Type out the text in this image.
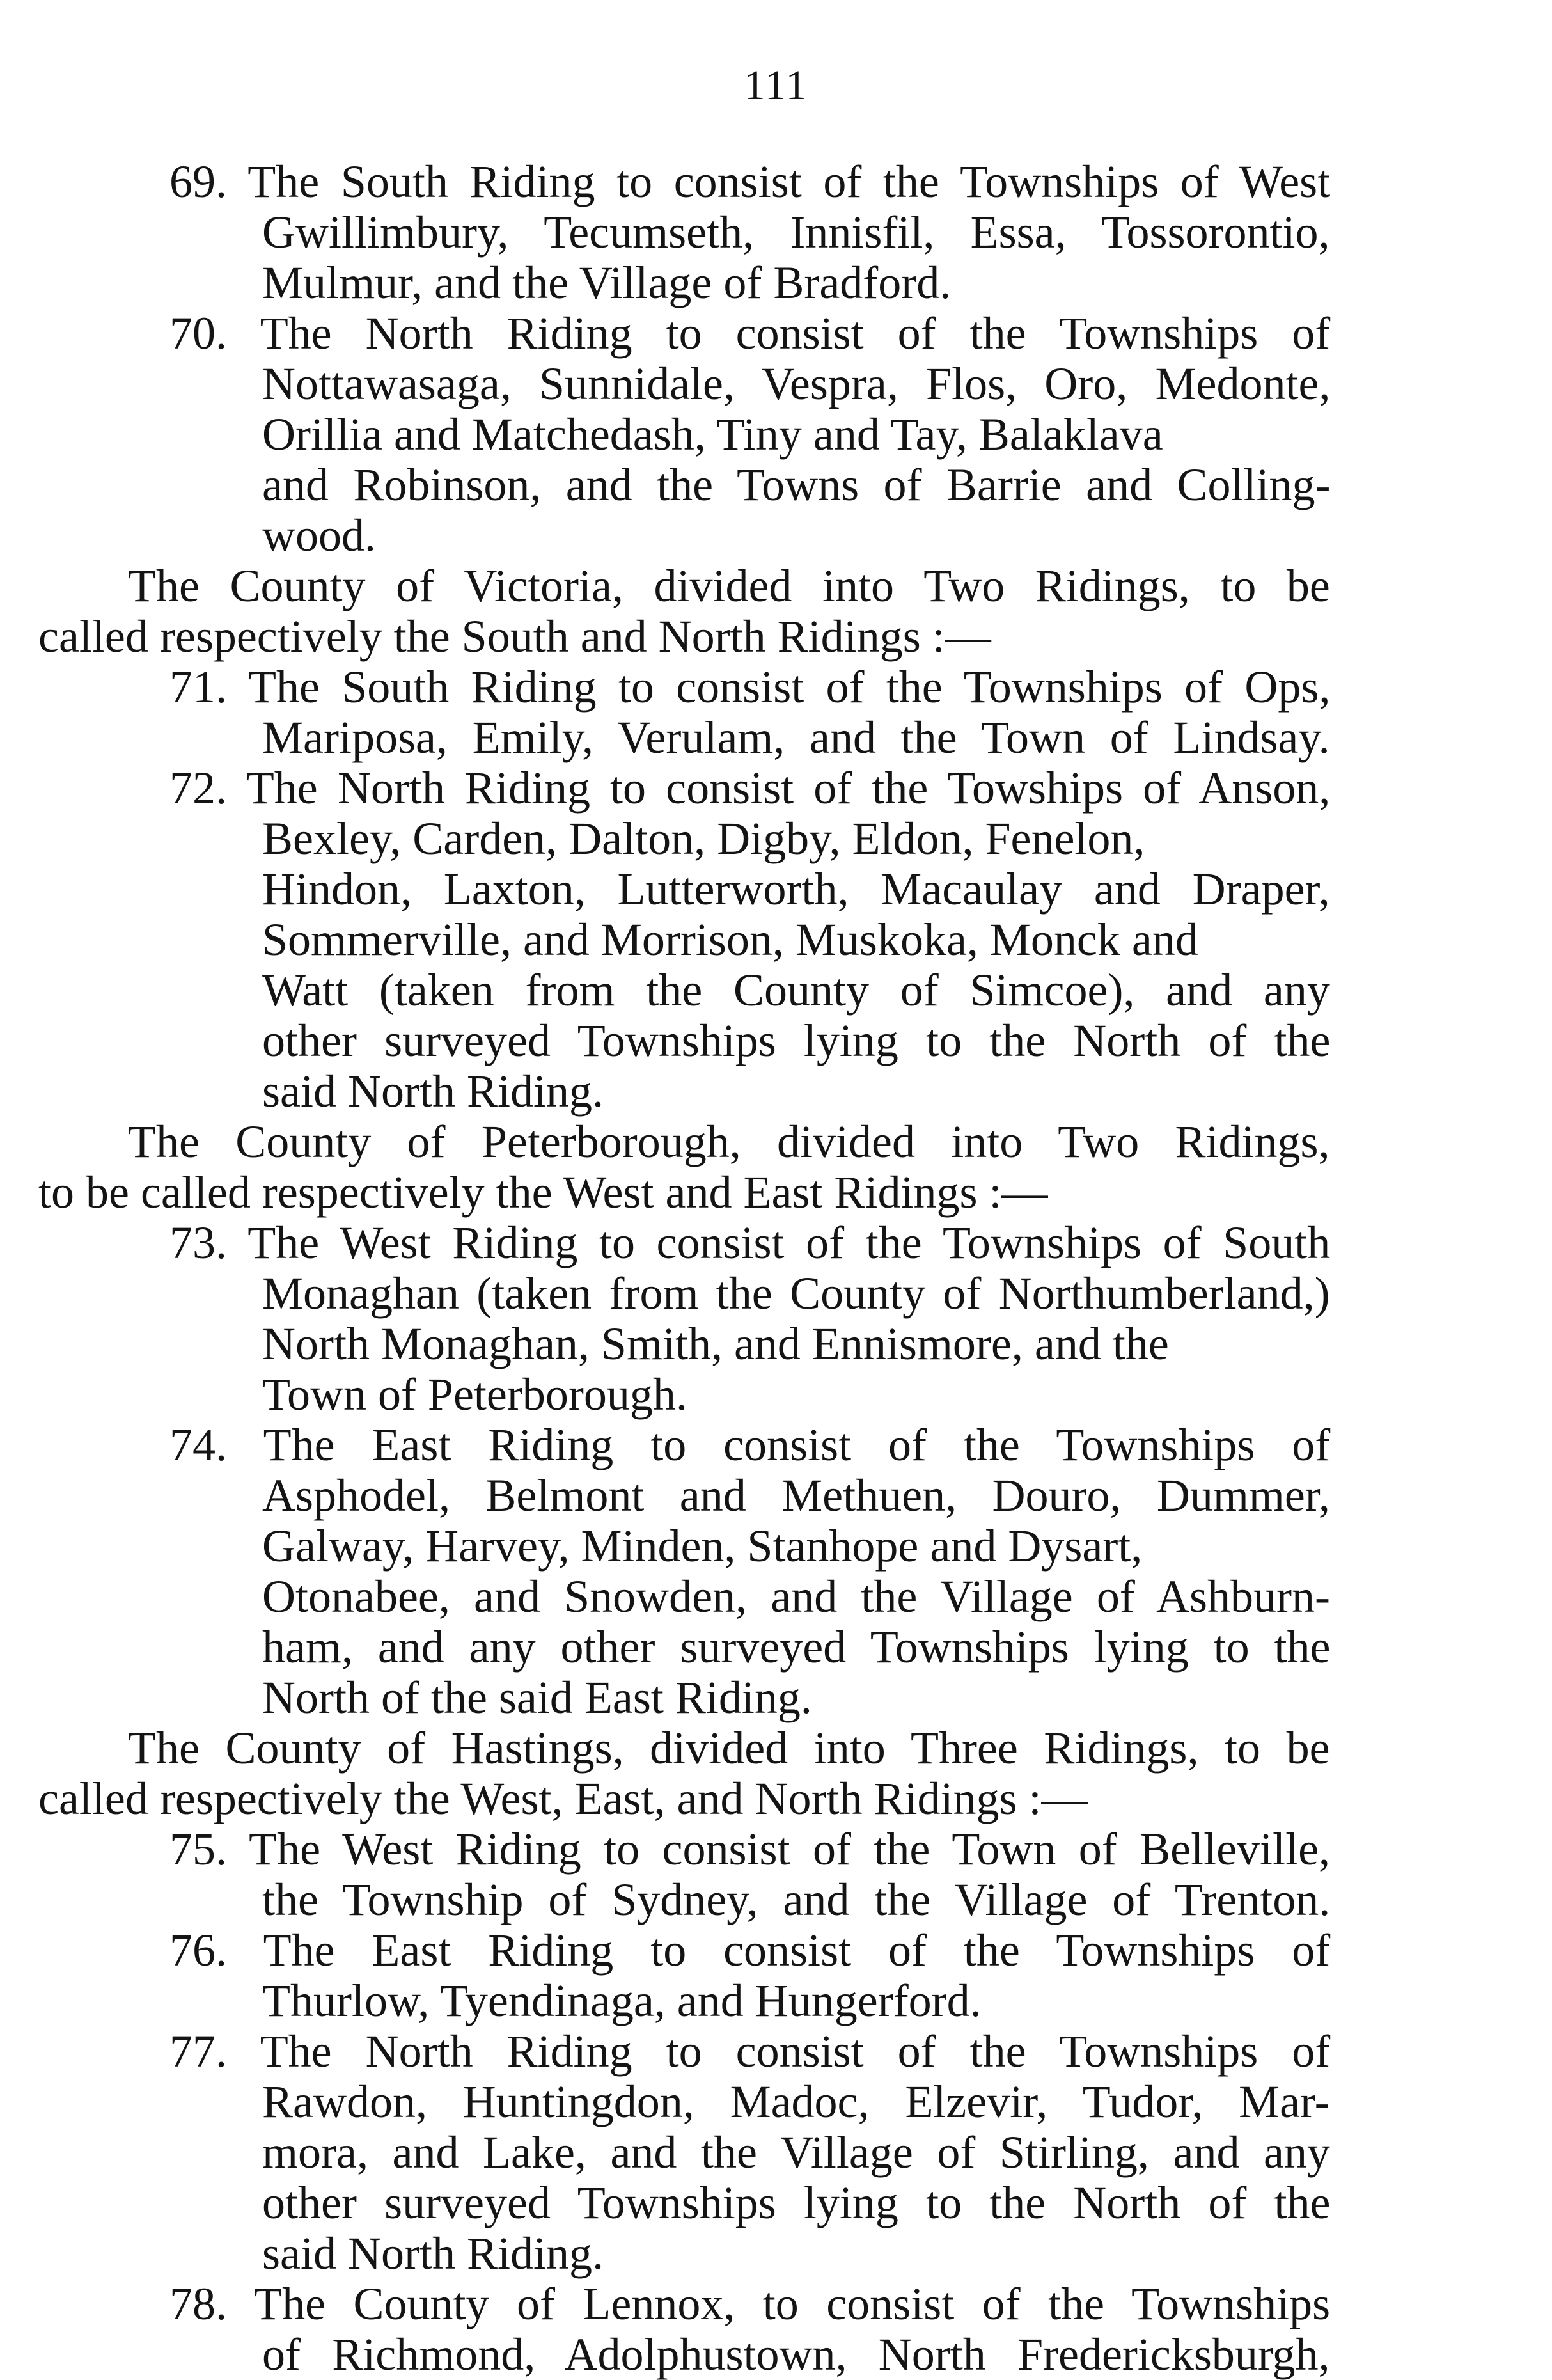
111
69. The South Riding to consist of the Townships of West
Gwillimbury, Tecumseth, Innisfil, Essa, Tossorontio,
Mulmur, and the Village of Bradford.
70. The North Riding to consist of the Townships of
Nottawasaga, Sunnidale, Vespra, Flos, Oro, Medonte,
Orillia and Matchedash, Tiny and Tay, Balaklava
and Robinson, and the Towns of Barrie and Colling-
wood.
The County of Victoria, divided into Two Ridings, to be
called respectively the South and North Ridings :—
71. The South Riding to consist of the Townships of Ops,
Mariposa, Emily, Verulam, and the Town of Lindsay.
72. The North Riding to consist of the Towships of Anson,
Bexley, Carden, Dalton, Digby, Eldon, Fenelon,
Hindon, Laxton, Lutterworth, Macaulay and Draper,
Sommerville, and Morrison, Muskoka, Monck and
Watt (taken from the County of Simcoe), and any
other surveyed Townships lying to the North of the
said North Riding.
The County of Peterborough, divided into Two Ridings,
to be called respectively the West and East Ridings :—
73. The West Riding to consist of the Townships of South
Monaghan (taken from the County of Northumberland,)
North Monaghan, Smith, and Ennismore, and the
Town of Peterborough.
74. The East Riding to consist of the Townships of
Asphodel, Belmont and Methuen, Douro, Dummer,
Galway, Harvey, Minden, Stanhope and Dysart,
Otonabee, and Snowden, and the Village of Ashburn-
ham, and any other surveyed Townships lying to the
North of the said East Riding.
The County of Hastings, divided into Three Ridings, to be
called respectively the West, East, and North Ridings :—
75. The West Riding to consist of the Town of Belleville,
the Township of Sydney, and the Village of Trenton.
76. The East Riding to consist of the Townships of
Thurlow, Tyendinaga, and Hungerford.
77. The North Riding to consist of the Townships of
Rawdon, Huntingdon, Madoc, Elzevir, Tudor, Mar-
mora, and Lake, and the Village of Stirling, and any
other surveyed Townships lying to the North of the
said North Riding.
78. The County of Lennox, to consist of the Townships
of Richmond, Adolphustown, North Fredericksburgh,
